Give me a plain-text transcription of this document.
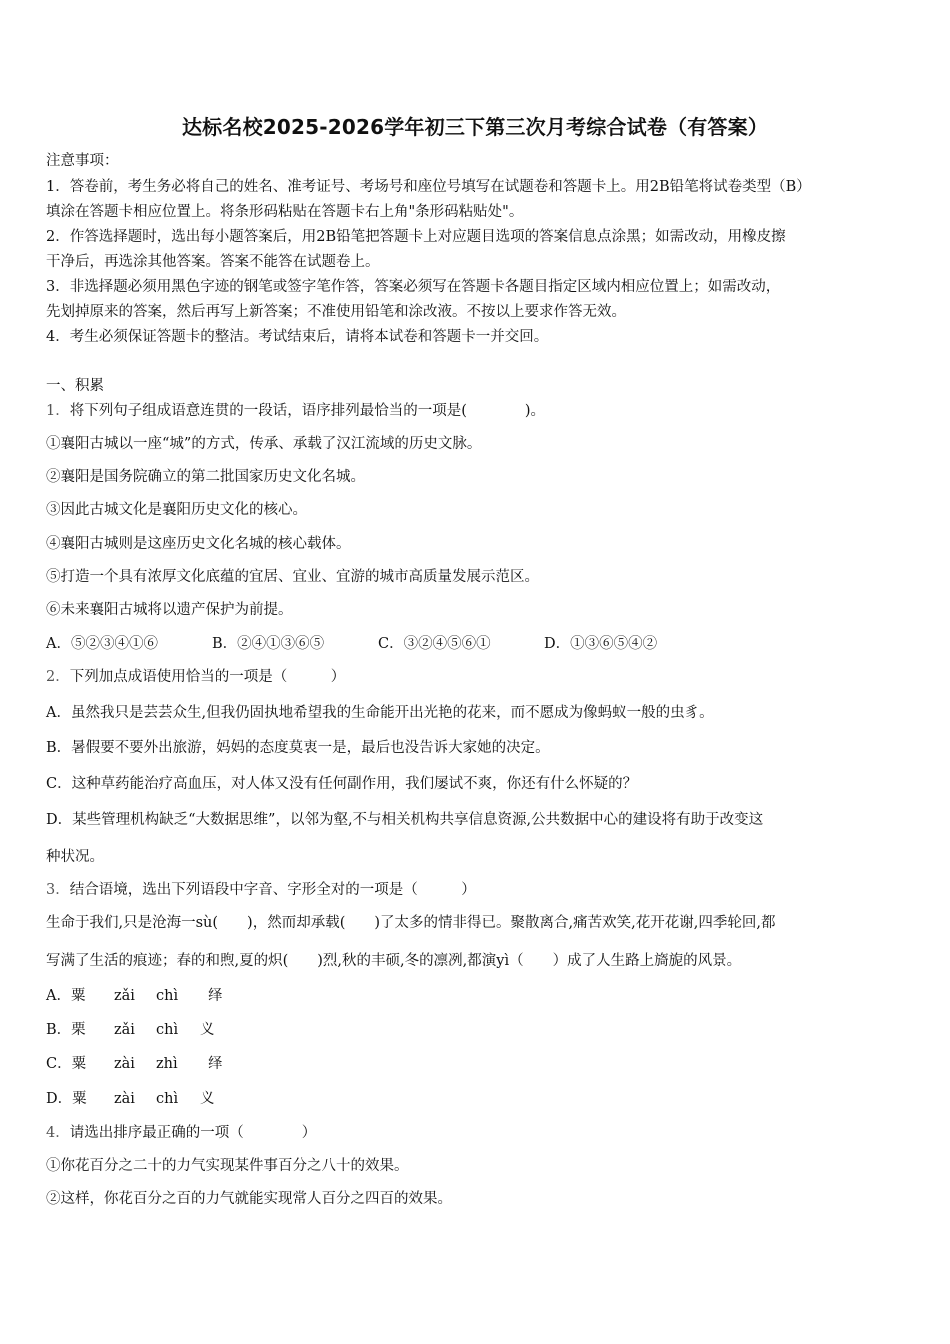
达标名校2025-2026学年初三下第三次月考综合试卷（有答案）
注意事项：
1．答卷前，考生务必将自己的姓名、准考证号、考场号和座位号填写在试题卷和答题卡上。用2B铅笔将试卷类型（B）
填涂在答题卡相应位置上。将条形码粘贴在答题卡右上角"条形码粘贴处"。
2．作答选择题时，选出每小题答案后，用2B铅笔把答题卡上对应题目选项的答案信息点涂黑；如需改动，用橡皮擦
干净后，再选涂其他答案。答案不能答在试题卷上。
3．非选择题必须用黑色字迹的钢笔或签字笔作答，答案必须写在答题卡各题目指定区域内相应位置上；如需改动，
先划掉原来的答案，然后再写上新答案；不准使用铅笔和涂改液。不按以上要求作答无效。
4．考生必须保证答题卡的整洁。考试结束后，请将本试卷和答题卡一并交回。
一、积累
1．将下列句子组成语意连贯的一段话，语序排列最恰当的一项是(　　　　)。
①襄阳古城以一座“城”的方式，传承、承载了汉江流域的历史文脉。
②襄阳是国务院确立的第二批国家历史文化名城。
③因此古城文化是襄阳历史文化的核心。
④襄阳古城则是这座历史文化名城的核心载体。
⑤打造一个具有浓厚文化底蕴的宜居、宜业、宜游的城市高质量发展示范区。
⑥未来襄阳古城将以遗产保护为前提。
A．⑤②③④①⑥	B．②④①③⑥⑤	C．③②④⑤⑥①	D．①③⑥⑤④②
2．下列加点成语使用恰当的一项是（　　　）
A．虽然我只是芸芸众生,但我仍固执地希望我的生命能开出光艳的花来，而不愿成为像蚂蚁一般的虫豸。
B．暑假要不要外出旅游，妈妈的态度莫衷一是，最后也没告诉大家她的决定。
C．这种草药能治疗高血压，对人体又没有任何副作用，我们屡试不爽，你还有什么怀疑的？
D．某些管理机构缺乏“大数据思维”，以邻为壑,不与相关机构共享信息资源,公共数据中心的建设将有助于改变这
种状况。
3．结合语境，选出下列语段中字音、字形全对的一项是（　　　）
生命于我们,只是沧海一sù(　　)，然而却承载(　　)了太多的情非得已。聚散离合,痛苦欢笑,花开花谢,四季轮回,都
写满了生活的痕迹；春的和煦,夏的炽(　　)烈,秋的丰硕,冬的凛冽,都演yì（　　）成了人生路上旖旎的风景。
A．粟 zǎi chì 绎
B．栗 zǎi chì 义
C．粟 zài zhì 绎
D．粟 zài chì 义
4．请选出排序最正确的一项（　　　　）
①你花百分之二十的力气实现某件事百分之八十的效果。
②这样，你花百分之百的力气就能实现常人百分之四百的效果。
